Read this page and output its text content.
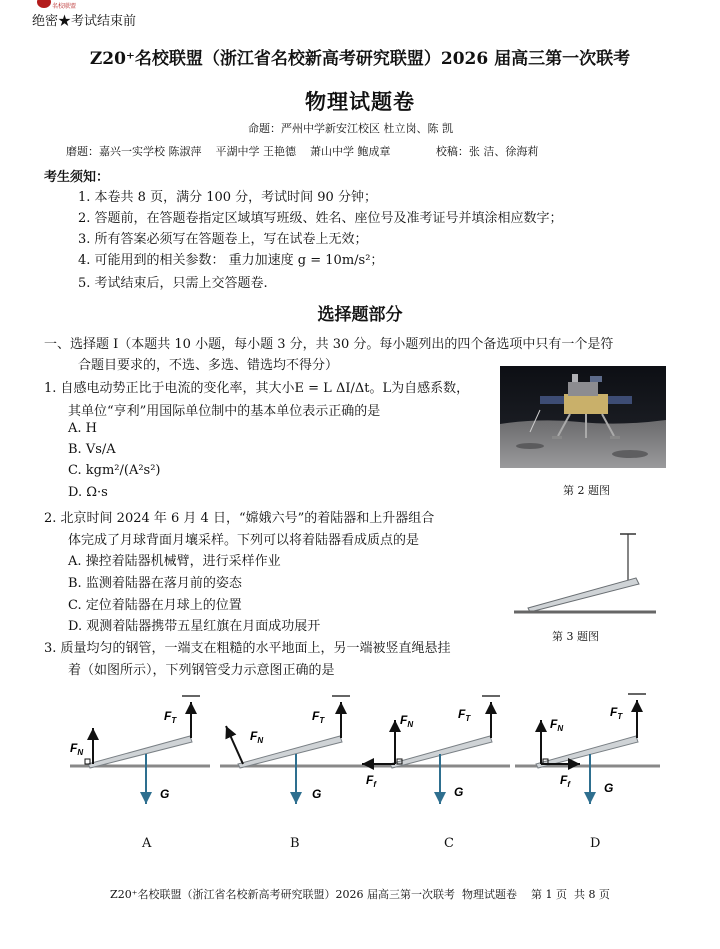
名校联盟
绝密★考试结束前
Z20⁺名校联盟（浙江省名校新高考研究联盟）2026 届高三第一次联考
物理试题卷
命题：严州中学新安江校区 杜立岗、陈 凯
磨题：嘉兴一实学校 陈淑萍    平湖中学 王艳德    萧山中学 鲍成章             校稿：张 洁、徐海莉
考生须知：
1. 本卷共 8 页，满分 100 分，考试时间 90 分钟；
2. 答题前，在答题卷指定区域填写班级、姓名、座位号及准考证号并填涂相应数字；
3. 所有答案必须写在答题卷上，写在试卷上无效；
4. 可能用到的相关参数： 重力加速度 g = 10m/s²；
5. 考试结束后，只需上交答题卷.
选择题部分
一、选择题 I（本题共 10 小题，每小题 3 分，共 30 分。每小题列出的四个备选项中只有一个是符
合题目要求的，不选、多选、错选均不得分）
1. 自感电动势正比于电流的变化率，其大小E = L ΔI/Δt。L为自感系数，
其单位“亨利”用国际单位制中的基本单位表示正确的是
A. H
B. Vs/A
C. kgm²/(A²s²)
D. Ω·s	第 2 题图
2. 北京时间 2024 年 6 月 4 日，“嫦娥六号”的着陆器和上升器组合
体完成了月球背面月壤采样。下列可以将着陆器看成质点的是
A. 操控着陆器机械臂，进行采样作业
B. 监测着陆器在落月前的姿态
C. 定位着陆器在月球上的位置
D. 观测着陆器携带五星红旗在月面成功展开
第 3 题图
3. 质量均匀的钢管，一端支在粗糙的水平地面上，另一端被竖直绳悬挂
着（如图所示），下列钢管受力示意图正确的是
$F_N$
$F_T$
G
$F_N$
$F_T$
G
$F_N$
$F_T$
$F_f$
G
$F_N$
$F_T$
$F_f$	G
A	B	C	D
Z20⁺名校联盟（浙江省名校新高考研究联盟）2026 届高三第一次联考  物理试题卷    第 1 页  共 8 页
